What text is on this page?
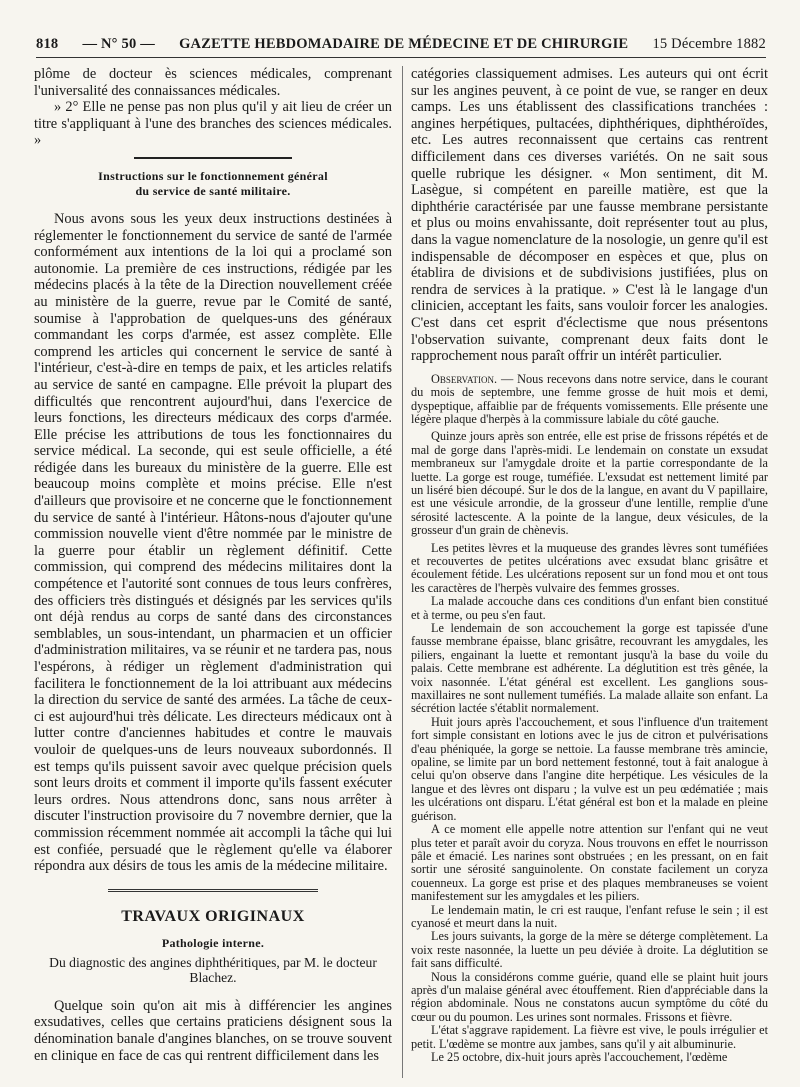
818 — N° 50 — GAZETTE HEBDOMADAIRE DE MÉDECINE ET DE CHIRURGIE 15 Décembre 1882

plôme de docteur ès sciences médicales, comprenant l'universalité des connaissances médicales.

» 2° Elle ne pense pas non plus qu'il y ait lieu de créer un titre s'appliquant à l'une des branches des sciences médicales. »

Instructions sur le fonctionnement général
du service de santé militaire.

Nous avons sous les yeux deux instructions destinées à réglementer le fonctionnement du service de santé de l'armée conformément aux intentions de la loi qui a proclamé son autonomie. La première de ces instructions, rédigée par les médecins placés à la tête de la Direction nouvellement créée au ministère de la guerre, revue par le Comité de santé, soumise à l'approbation de quelques-uns des généraux commandant les corps d'armée, est assez complète. Elle comprend les articles qui concernent le service de santé à l'intérieur, c'est-à-dire en temps de paix, et les articles relatifs au service de santé en campagne. Elle prévoit la plupart des difficultés que rencontrent aujourd'hui, dans l'exercice de leurs fonctions, les directeurs médicaux des corps d'armée. Elle précise les attributions de tous les fonctionnaires du service médical. La seconde, qui est seule officielle, a été rédigée dans les bureaux du ministère de la guerre. Elle est beaucoup moins complète et moins précise. Elle n'est d'ailleurs que provisoire et ne concerne que le fonctionnement du service de santé à l'intérieur. Hâtons-nous d'ajouter qu'une commission nouvelle vient d'être nommée par le ministre de la guerre pour établir un règlement définitif. Cette commission, qui comprend des médecins militaires dont la compétence et l'autorité sont connues de tous leurs confrères, des officiers très distingués et désignés par les services qu'ils ont déjà rendus au corps de santé dans des circonstances semblables, un sous-intendant, un pharmacien et un officier d'administration militaires, va se réunir et ne tardera pas, nous l'espérons, à rédiger un règlement d'administration qui facilitera le fonctionnement de la loi attribuant aux médecins la direction du service de santé des armées. La tâche de ceux-ci est aujourd'hui très délicate. Les directeurs médicaux ont à lutter contre d'anciennes habitudes et contre le mauvais vouloir de quelques-uns de leurs nouveaux subordonnés. Il est temps qu'ils puissent savoir avec quelque précision quels sont leurs droits et comment il importe qu'ils fassent exécuter leurs ordres. Nous attendrons donc, sans nous arrêter à discuter l'instruction provisoire du 7 novembre dernier, que la commission récemment nommée ait accompli la tâche qui lui est confiée, persuadé que le règlement qu'elle va élaborer répondra aux désirs de tous les amis de la médecine militaire.

TRAVAUX ORIGINAUX
Pathologie interne.
Du diagnostic des angines diphthéritiques, par M. le docteur Blachez.

Quelque soin qu'on ait mis à différencier les angines exsudatives, celles que certains praticiens désignent sous la dénomination banale d'angines blanches, on se trouve souvent en clinique en face de cas qui rentrent difficilement dans les

catégories classiquement admises. Les auteurs qui ont écrit sur les angines peuvent, à ce point de vue, se ranger en deux camps. Les uns établissent des classifications tranchées : angines herpétiques, pultacées, diphthériques, diphthéroïdes, etc. Les autres reconnaissent que certains cas rentrent difficilement dans ces diverses variétés. On ne sait sous quelle rubrique les désigner. « Mon sentiment, dit M. Lasègue, si compétent en pareille matière, est que la diphthérie caractérisée par une fausse membrane persistante et plus ou moins envahissante, doit représenter tout au plus, dans la vague nomenclature de la nosologie, un genre qu'il est indispensable de décomposer en espèces et que, plus on établira de divisions et de subdivisions justifiées, plus on rendra de services à la pratique. » C'est là le langage d'un clinicien, acceptant les faits, sans vouloir forcer les analogies. C'est dans cet esprit d'éclectisme que nous présentons l'observation suivante, comprenant deux faits dont le rapprochement nous paraît offrir un intérêt particulier.

Observation. — Nous recevons dans notre service, dans le courant du mois de septembre, une femme grosse de huit mois et demi, dyspeptique, affaiblie par de fréquents vomissements. Elle présente une légère plaque d'herpès à la commissure labiale du côté gauche.

Quinze jours après son entrée, elle est prise de frissons répétés et de mal de gorge dans l'après-midi. Le lendemain on constate un exsudat membraneux sur l'amygdale droite et la partie correspondante de la luette. La gorge est rouge, tuméfiée. L'exsudat est nettement limité par un liséré bien découpé. Sur le dos de la langue, en avant du V papillaire, est une vésicule arrondie, de la grosseur d'une lentille, remplie d'une sérosité lactescente. A la pointe de la langue, deux vésicules, de la grosseur d'un grain de chènevis.

Les petites lèvres et la muqueuse des grandes lèvres sont tuméfiées et recouvertes de petites ulcérations avec exsudat blanc grisâtre et écoulement fétide. Les ulcérations reposent sur un fond mou et ont tous les caractères de l'herpès vulvaire des femmes grosses.

La malade accouche dans ces conditions d'un enfant bien constitué et à terme, ou peu s'en faut.

Le lendemain de son accouchement la gorge est tapissée d'une fausse membrane épaisse, blanc grisâtre, recouvrant les amygdales, les piliers, engainant la luette et remontant jusqu'à la base du voile du palais. Cette membrane est adhérente. La déglutition est très gênée, la voix nasonnée. L'état général est excellent. Les ganglions sous-maxillaires ne sont nullement tuméfiés. La malade allaite son enfant. La sécrétion lactée s'établit normalement.

Huit jours après l'accouchement, et sous l'influence d'un traitement fort simple consistant en lotions avec le jus de citron et pulvérisations d'eau phéniquée, la gorge se nettoie. La fausse membrane très amincie, opaline, se limite par un bord nettement festonné, tout à fait analogue à celui qu'on observe dans l'angine dite herpétique. Les vésicules de la langue et des lèvres ont disparu ; la vulve est un peu œdématiée ; mais les ulcérations ont disparu. L'état général est bon et la malade en pleine guérison.

A ce moment elle appelle notre attention sur l'enfant qui ne veut plus teter et paraît avoir du coryza. Nous trouvons en effet le nourrisson pâle et émacié. Les narines sont obstruées ; en les pressant, on en fait sortir une sérosité sanguinolente. On constate facilement un coryza couenneux. La gorge est prise et des plaques membraneuses se voient manifestement sur les amygdales et les piliers.

Le lendemain matin, le cri est rauque, l'enfant refuse le sein ; il est cyanosé et meurt dans la nuit.

Les jours suivants, la gorge de la mère se déterge complètement. La voix reste nasonnée, la luette un peu déviée à droite. La déglutition se fait sans difficulté.

Nous la considérons comme guérie, quand elle se plaint huit jours après d'un malaise général avec étouffement. Rien d'appréciable dans la région abdominale. Nous ne constatons aucun symptôme du côté du cœur ou du poumon. Les urines sont normales. Frissons et fièvre.

L'état s'aggrave rapidement. La fièvre est vive, le pouls irrégulier et petit. L'œdème se montre aux jambes, sans qu'il y ait albuminurie.

Le 25 octobre, dix-huit jours après l'accouchement, l'œdème
